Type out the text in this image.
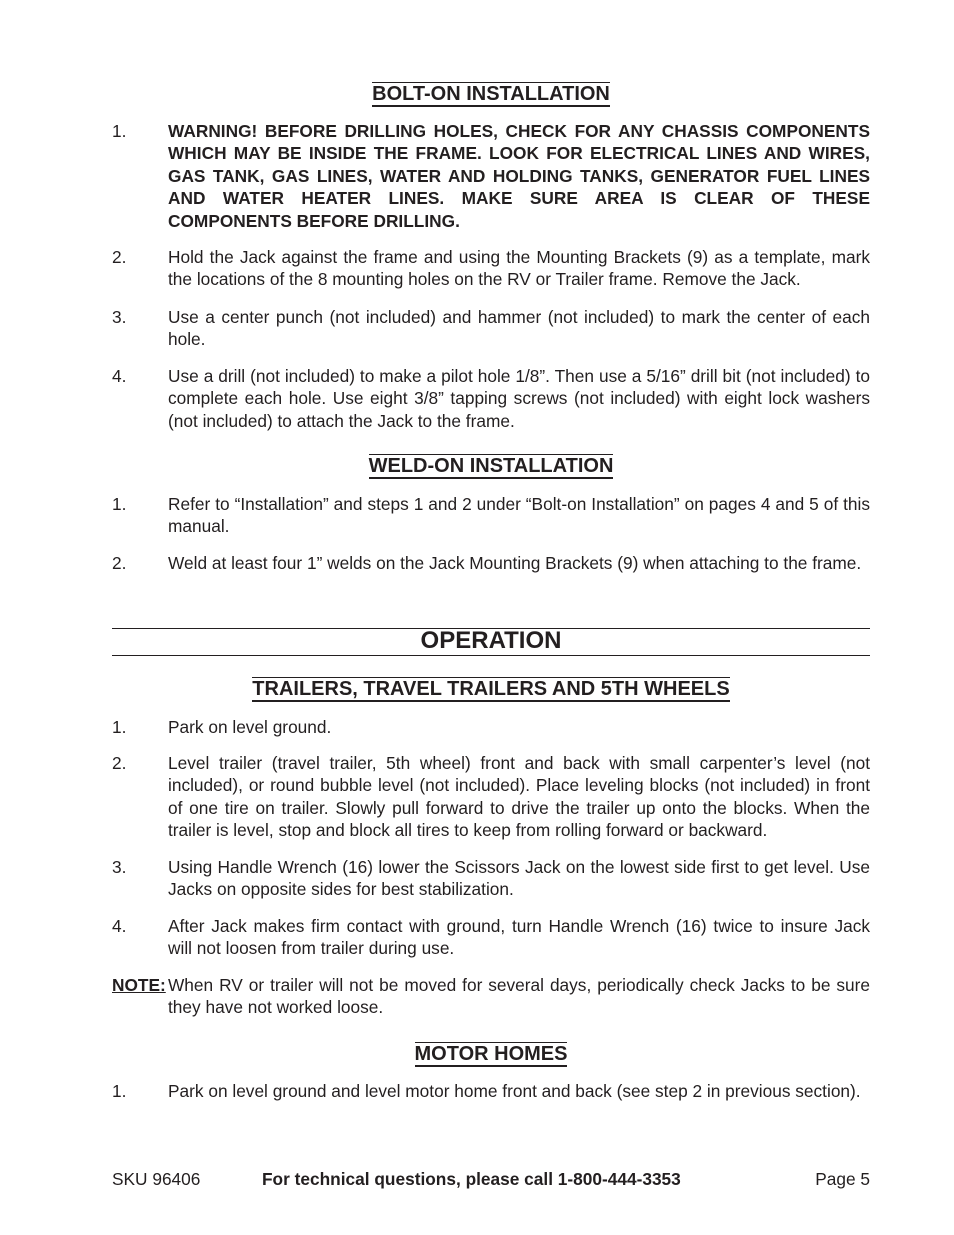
BOLT-ON INSTALLATION
1.	WARNING! BEFORE DRILLING HOLES, CHECK FOR ANY CHASSIS COMPONENTS WHICH MAY BE INSIDE THE FRAME. LOOK FOR ELECTRICAL LINES AND WIRES, GAS TANK, GAS LINES, WATER AND HOLDING TANKS, GENERATOR FUEL LINES AND WATER HEATER LINES. MAKE SURE AREA IS CLEAR OF THESE COMPONENTS BEFORE DRILLING.
2.	Hold the Jack against the frame and using the Mounting Brackets (9) as a template, mark the locations of the 8 mounting holes on the RV or Trailer frame. Remove the Jack.
3.	Use a center punch (not included) and hammer (not included) to mark the center of each hole.
4.	Use a drill (not included) to make a pilot hole 1/8”. Then use a 5/16” drill bit (not included) to complete each hole. Use eight 3/8” tapping screws (not included) with eight lock washers (not included) to attach the Jack to the frame.
WELD-ON INSTALLATION
1.	Refer to “Installation” and steps 1 and 2 under “Bolt-on Installation” on pages 4 and 5 of this manual.
2.	Weld at least four 1” welds on the Jack Mounting Brackets (9) when attaching to the frame.
OPERATION
TRAILERS, TRAVEL TRAILERS AND 5TH WHEELS
1.	Park on level ground.
2.	Level trailer (travel trailer, 5th wheel) front and back with small carpenter’s level (not included), or round bubble level (not included). Place leveling blocks (not included) in front of one tire on trailer. Slowly pull forward to drive the trailer up onto the blocks. When the trailer is level, stop and block all tires to keep from rolling forward or backward.
3.	Using Handle Wrench (16) lower the Scissors Jack on the lowest side first to get level. Use Jacks on opposite sides for best stabilization.
4.	After Jack makes firm contact with ground, turn Handle Wrench (16) twice to insure Jack will not loosen from trailer during use.
NOTE: When RV or trailer will not be moved for several days, periodically check Jacks to be sure they have not worked loose.
MOTOR HOMES
1.	Park on level ground and level motor home front and back (see step 2 in previous section).
SKU 96406	For technical questions, please call 1-800-444-3353	Page 5
